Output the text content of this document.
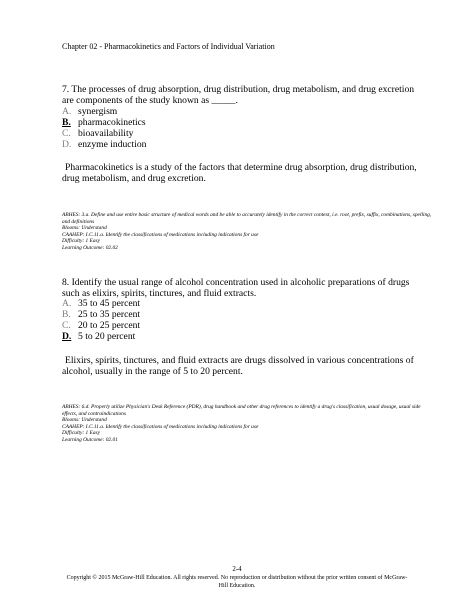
Chapter 02 - Pharmacokinetics and Factors of Individual Variation
7. The processes of drug absorption, drug distribution, drug metabolism, and drug excretion are components of the study known as _____.
A. synergism
B. pharmacokinetics
C. bioavailability
D. enzyme induction
Pharmacokinetics is a study of the factors that determine drug absorption, drug distribution, drug metabolism, and drug excretion.
ABHES: 3.a. Define and use entire basic structure of medical words and be able to accurately identify in the correct context, i.e. root, prefix, suffix, combinations, spelling, and definitions
Blooms: Understand
CAAHEP: I.C.11.a. Identify the classifications of medications including indications for use
Difficulty: 1 Easy
Learning Outcome: 02.02
8. Identify the usual range of alcohol concentration used in alcoholic preparations of drugs such as elixirs, spirits, tinctures, and fluid extracts.
A. 35 to 45 percent
B. 25 to 35 percent
C. 20 to 25 percent
D. 5 to 20 percent
Elixirs, spirits, tinctures, and fluid extracts are drugs dissolved in various concentrations of alcohol, usually in the range of 5 to 20 percent.
ABHES: 6.d. Properly utilize Physician's Desk Reference (PDR), drug handbook and other drug references to identify a drug's classification, usual dosage, usual side effects, and contraindications
Blooms: Understand
CAAHEP: I.C.11.a. Identify the classifications of medications including indications for use
Difficulty: 1 Easy
Learning Outcome: 02.01
2-4
Copyright © 2015 McGraw-Hill Education. All rights reserved. No reproduction or distribution without the prior written consent of McGraw-Hill Education.
